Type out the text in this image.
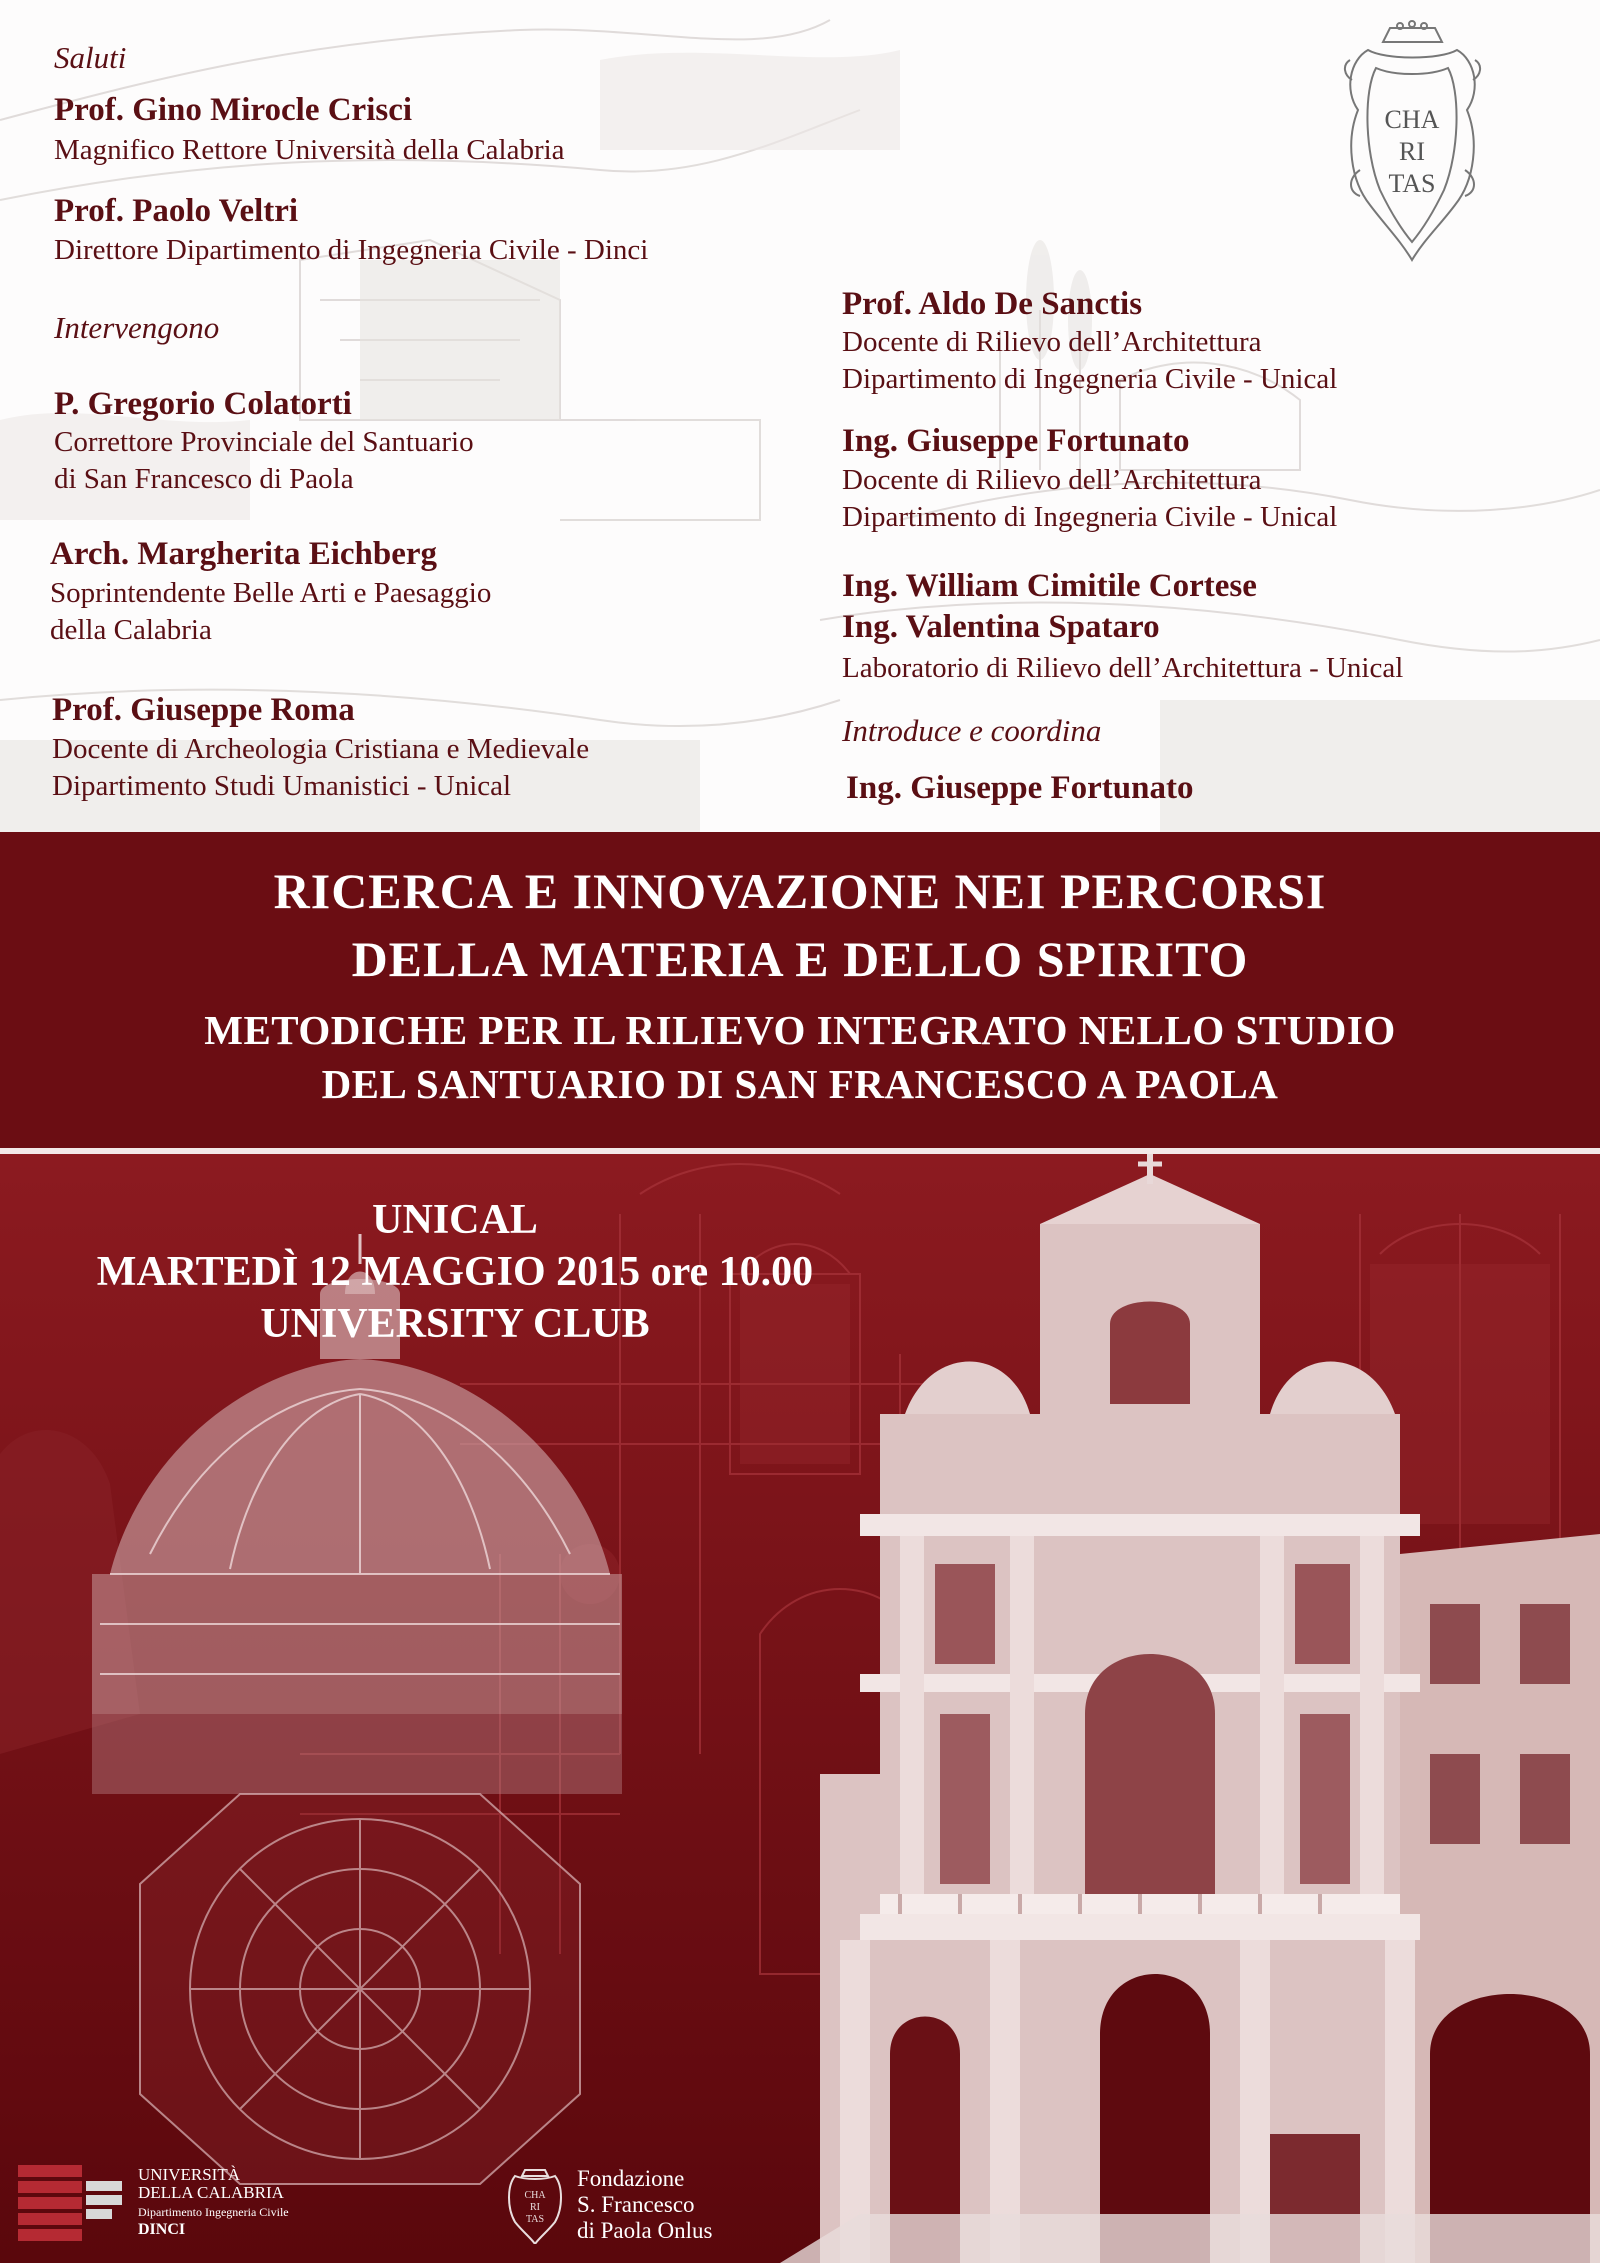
Saluti
Prof. Gino Mirocle Crisci
Magnifico Rettore Università della Calabria
Prof. Paolo Veltri
Direttore Dipartimento di Ingegneria Civile - Dinci
Intervengono
P. Gregorio Colatorti
Correttore Provinciale del Santuario
di San Francesco di Paola
Arch. Margherita Eichberg
Soprintendente Belle Arti e Paesaggio
della Calabria
Prof. Giuseppe Roma
Docente di Archeologia Cristiana e Medievale
Dipartimento Studi Umanistici - Unical
Prof. Aldo De Sanctis
Docente di Rilievo dell’Architettura
Dipartimento di Ingegneria Civile - Unical
Ing. Giuseppe Fortunato
Docente di Rilievo dell’Architettura
Dipartimento di Ingegneria Civile - Unical
Ing. William Cimitile Cortese
Ing. Valentina Spataro
Laboratorio di Rilievo dell’Architettura - Unical
Introduce e coordina
Ing. Giuseppe Fortunato
CHA
RI
TAS
RICERCA E INNOVAZIONE NEI PERCORSI
DELLA MATERIA E DELLO SPIRITO
METODICHE PER IL RILIEVO INTEGRATO NELLO STUDIO
DEL SANTUARIO DI SAN FRANCESCO A PAOLA
UNICAL
MARTEDÌ 12 MAGGIO 2015 ore 10.00
UNIVERSITY CLUB
UNIVERSITÀ
DELLA CALABRIA
Dipartimento Ingegneria Civile
DINCI
CHA
RI
TAS
Fondazione
S. Francesco
di Paola Onlus
